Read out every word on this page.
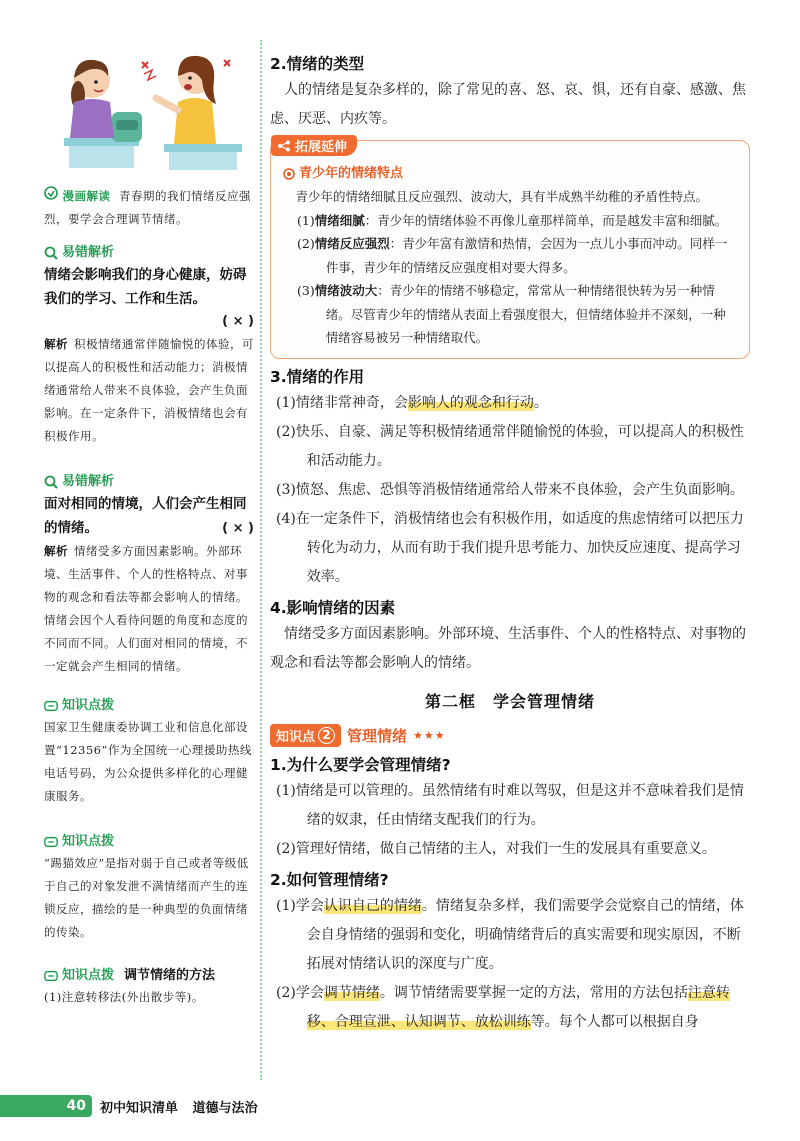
漫画解读 青春期的我们情绪反应强烈，要学会合理调节情绪。

易错解析

情绪会影响我们的身心健康，妨碍我们的学习、工作和生活。

( × )

解析 积极情绪通常伴随愉悦的体验，可以提高人的积极性和活动能力；消极情绪通常给人带来不良体验，会产生负面影响。在一定条件下，消极情绪也会有积极作用。

易错解析

面对相同的情境，人们会产生相同的情绪。	( × )

解析 情绪受多方面因素影响。外部环境、生活事件、个人的性格特点、对事物的观念和看法等都会影响人的情绪。情绪会因个人看待问题的角度和态度的不同而不同。人们面对相同的情境，不一定就会产生相同的情绪。

知识点拨

国家卫生健康委协调工业和信息化部设置“12356”作为全国统一心理援助热线电话号码，为公众提供多样化的心理健康服务。

知识点拨

“踢猫效应”是指对弱于自己或者等级低于自己的对象发泄不满情绪而产生的连锁反应，描绘的是一种典型的负面情绪的传染。

知识点拨 调节情绪的方法

(1)注意转移法(外出散步等)。

2.情绪的类型

人的情绪是复杂多样的，除了常见的喜、怒、哀、惧，还有自豪、感激、焦虑、厌恶、内疚等。

拓展延伸
青少年的情绪特点

青少年的情绪细腻且反应强烈、波动大，具有半成熟半幼稚的矛盾性特点。

(1)情绪细腻：青少年的情绪体验不再像儿童那样简单，而是越发丰富和细腻。

(2)情绪反应强烈：青少年富有激情和热情，会因为一点儿小事而冲动。同样一件事，青少年的情绪反应强度相对要大得多。

(3)情绪波动大：青少年的情绪不够稳定，常常从一种情绪很快转为另一种情绪。尽管青少年的情绪从表面上看强度很大，但情绪体验并不深刻，一种情绪容易被另一种情绪取代。

3.情绪的作用

(1)情绪非常神奇，会影响人的观念和行动。

(2)快乐、自豪、满足等积极情绪通常伴随愉悦的体验，可以提高人的积极性和活动能力。

(3)愤怒、焦虑、恐惧等消极情绪通常给人带来不良体验，会产生负面影响。

(4)在一定条件下，消极情绪也会有积极作用，如适度的焦虑情绪可以把压力转化为动力，从而有助于我们提升思考能力、加快反应速度、提高学习效率。

4.影响情绪的因素

情绪受多方面因素影响。外部环境、生活事件、个人的性格特点、对事物的观念和看法等都会影响人的情绪。

第二框　学会管理情绪
知识点 2 管理情绪 ★★★
1.为什么要学会管理情绪?

(1)情绪是可以管理的。虽然情绪有时难以驾驭，但是这并不意味着我们是情绪的奴隶，任由情绪支配我们的行为。

(2)管理好情绪，做自己情绪的主人，对我们一生的发展具有重要意义。

2.如何管理情绪?

(1)学会认识自己的情绪。情绪复杂多样，我们需要学会觉察自己的情绪，体会自身情绪的强弱和变化，明确情绪背后的真实需要和现实原因，不断拓展对情绪认识的深度与广度。

(2)学会调节情绪。调节情绪需要掌握一定的方法，常用的方法包括注意转移、合理宣泄、认知调节、放松训练等。每个人都可以根据自身

40	初中知识清单 道德与法治
